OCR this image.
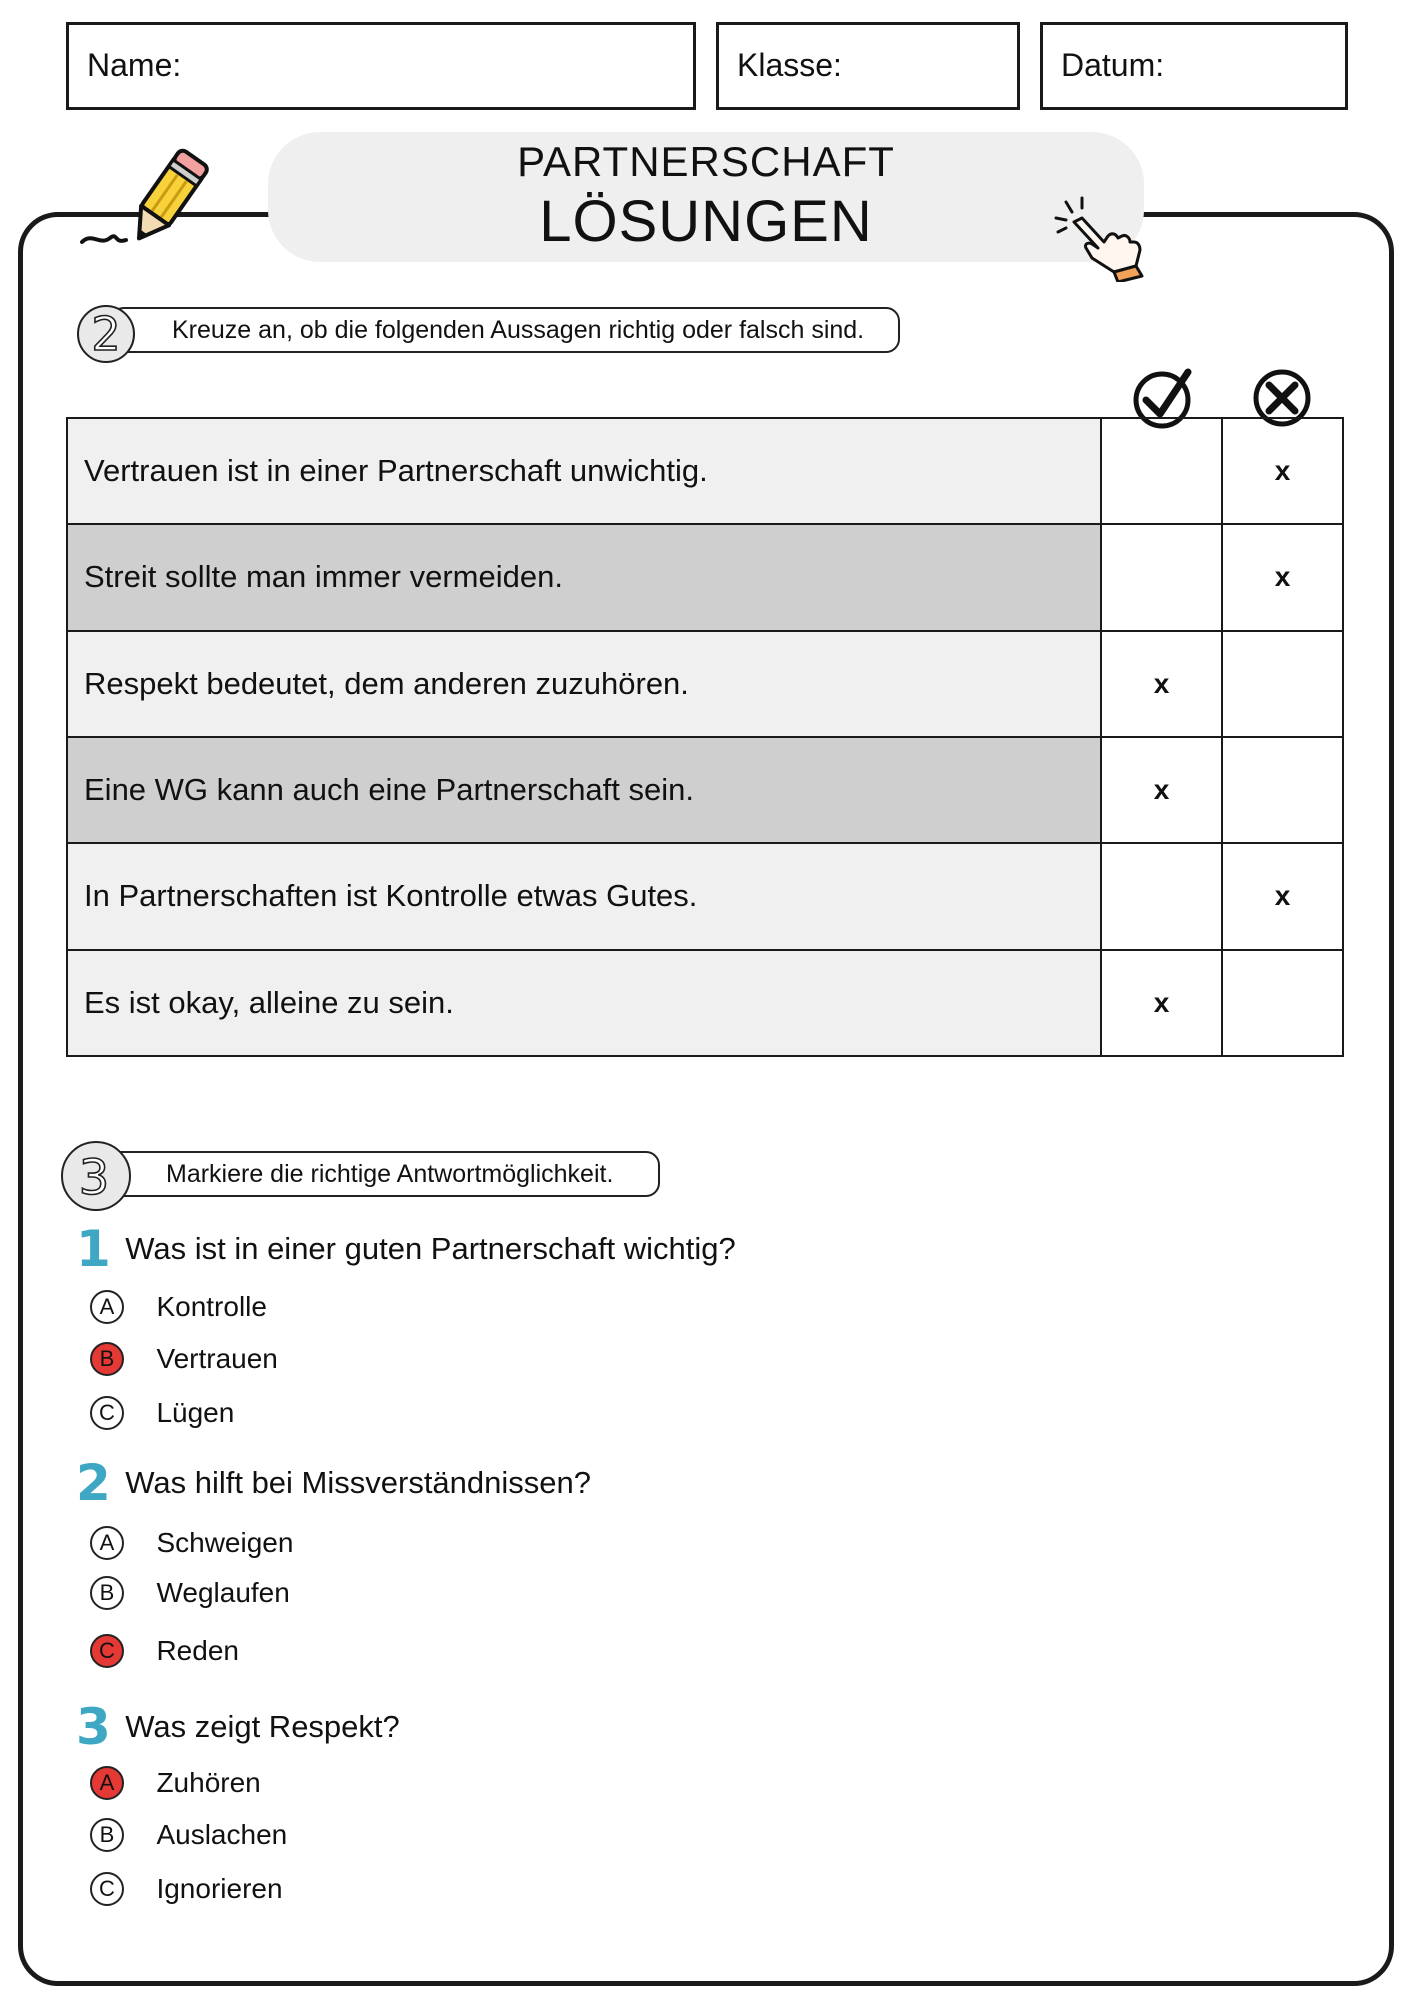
Name:	Klasse:	Datum:
PARTNERSCHAFT
LÖSUNGEN
2	Kreuze an, ob die folgenden Aussagen richtig oder falsch sind.
Vertrauen ist in einer Partnerschaft unwichtig.		x
Streit sollte man immer vermeiden.		x
Respekt bedeutet, dem anderen zuzuhören.	x	
Eine WG kann auch eine Partnerschaft sein.	x	
In Partnerschaften ist Kontrolle etwas Gutes.		x
Es ist okay, alleine zu sein.	x	
3	Markiere die richtige Antwortmöglichkeit.
1 Was ist in einer guten Partnerschaft wichtig?
A Kontrolle
B Vertrauen
C Lügen
2 Was hilft bei Missverständnissen?
A Schweigen
B Weglaufen
C Reden
3 Was zeigt Respekt?
A Zuhören
B Auslachen
C Ignorieren
